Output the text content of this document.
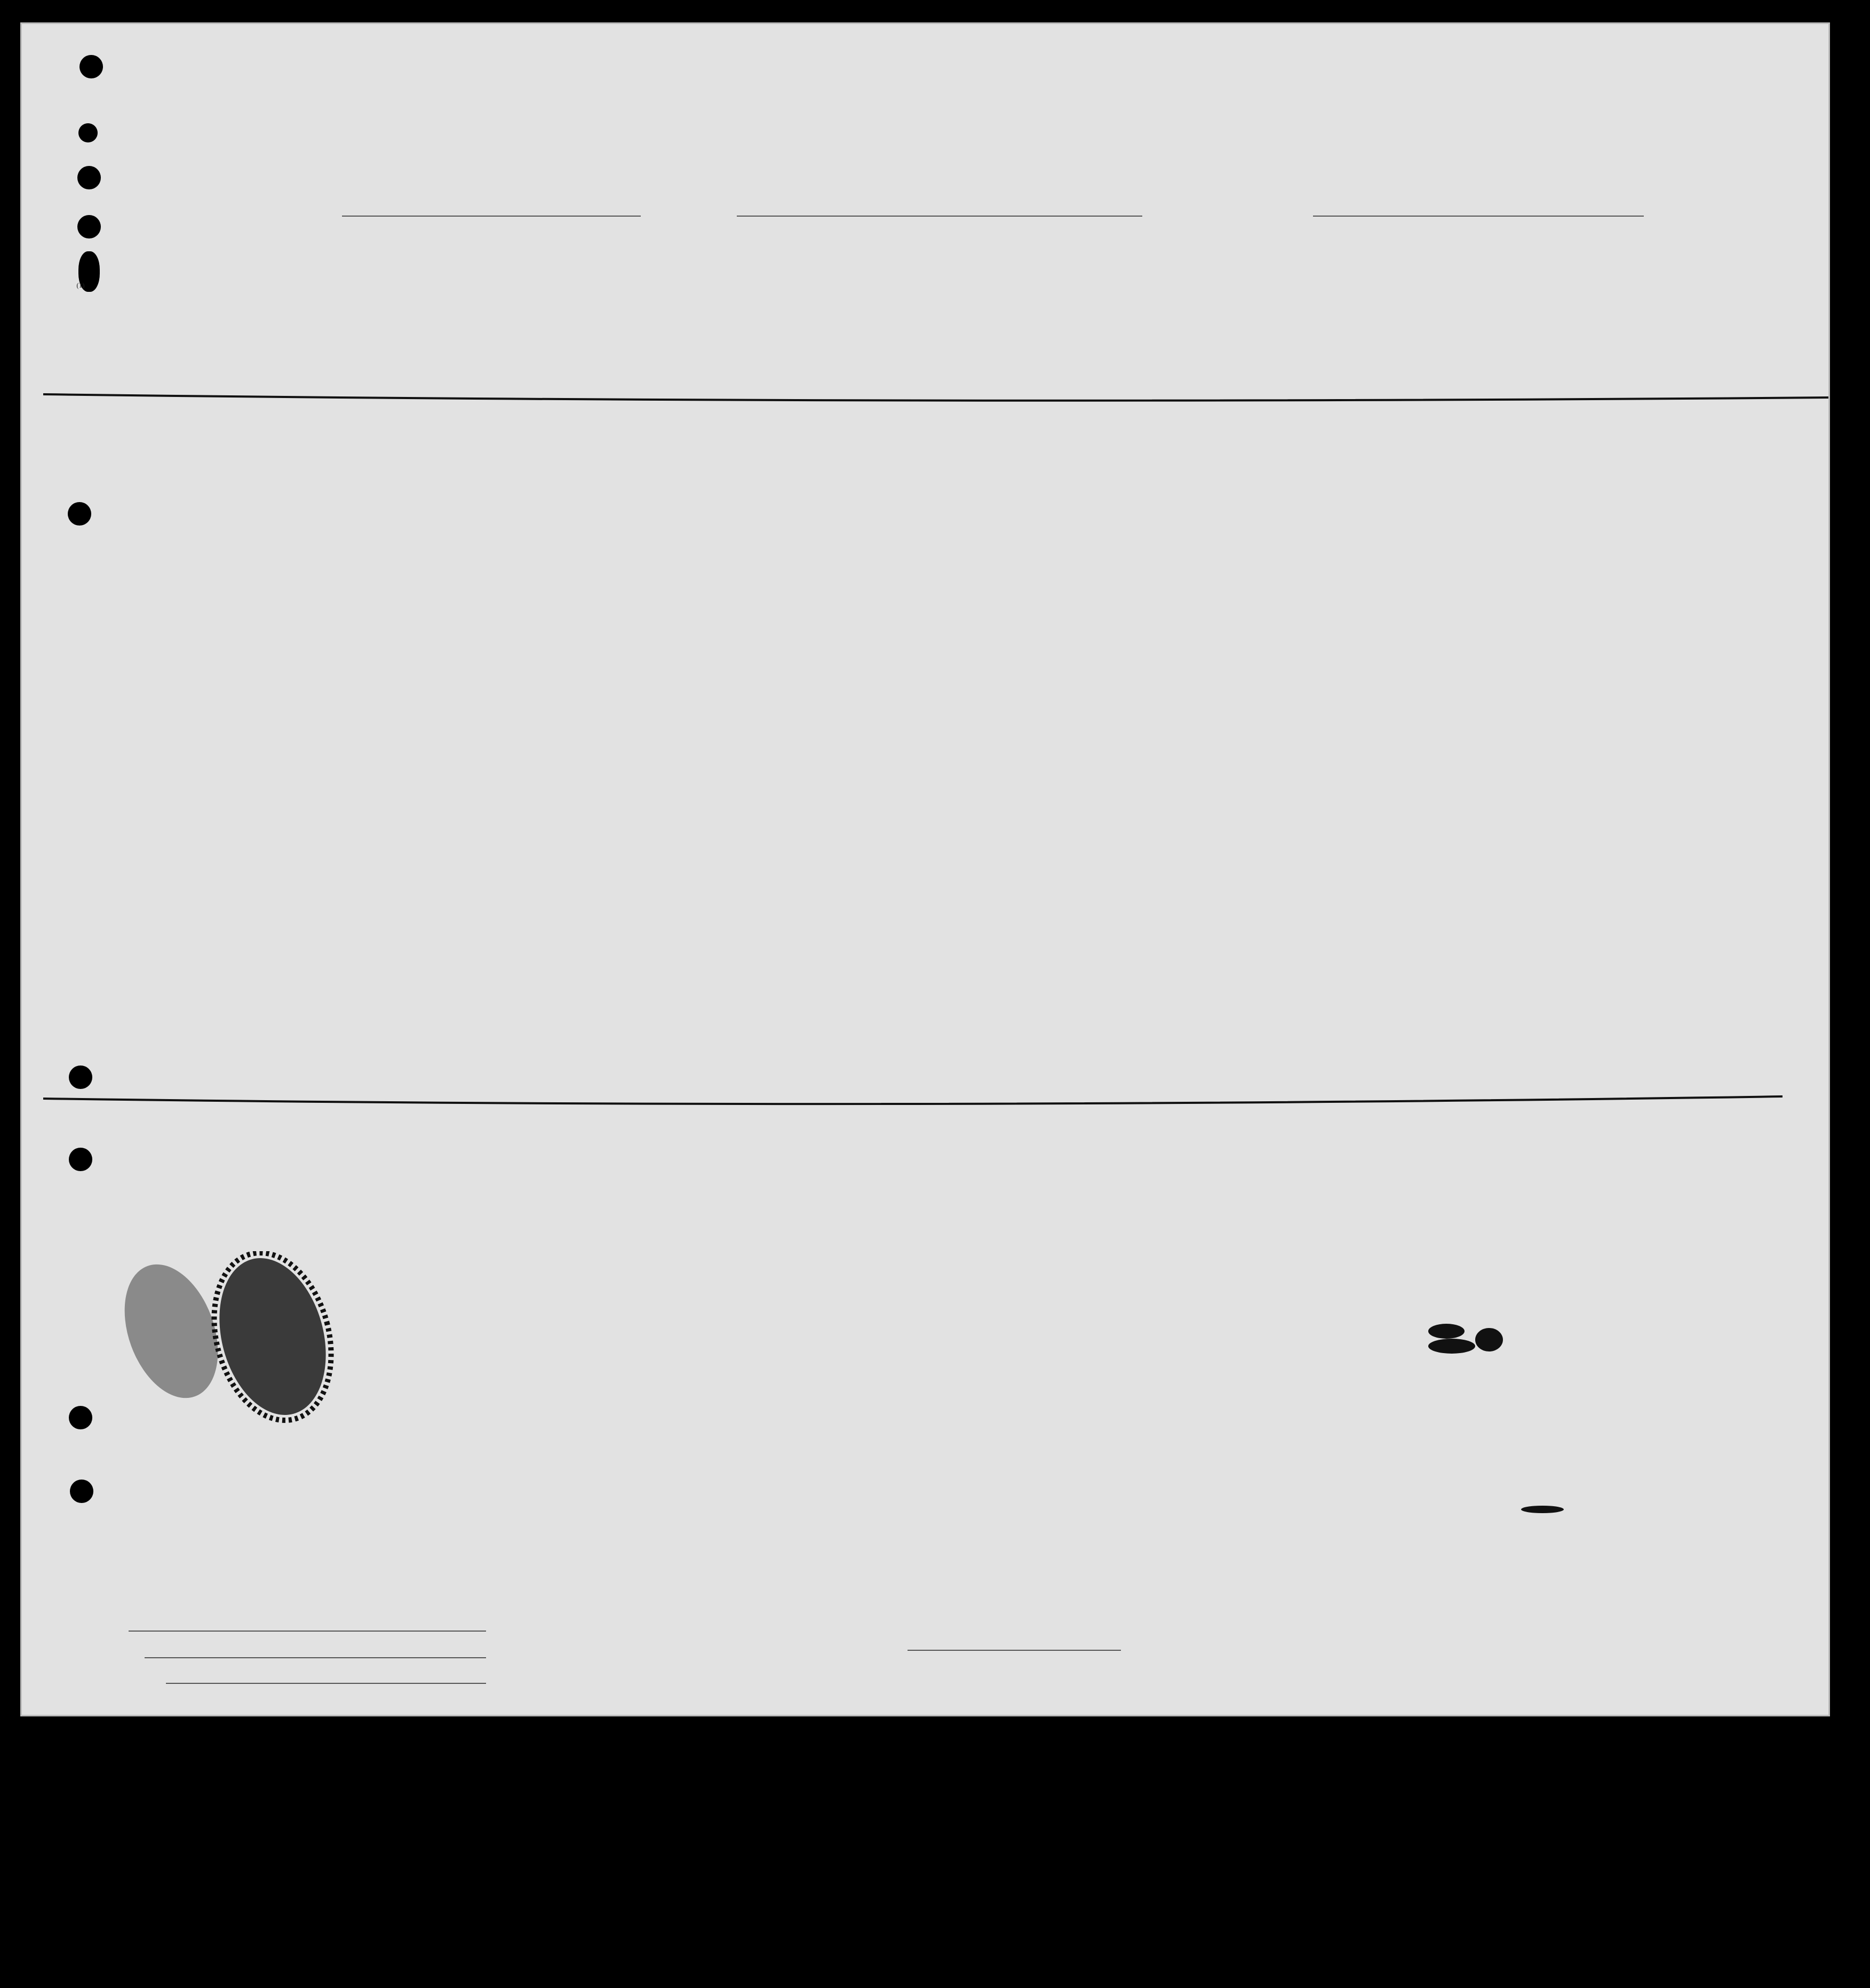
(1)
